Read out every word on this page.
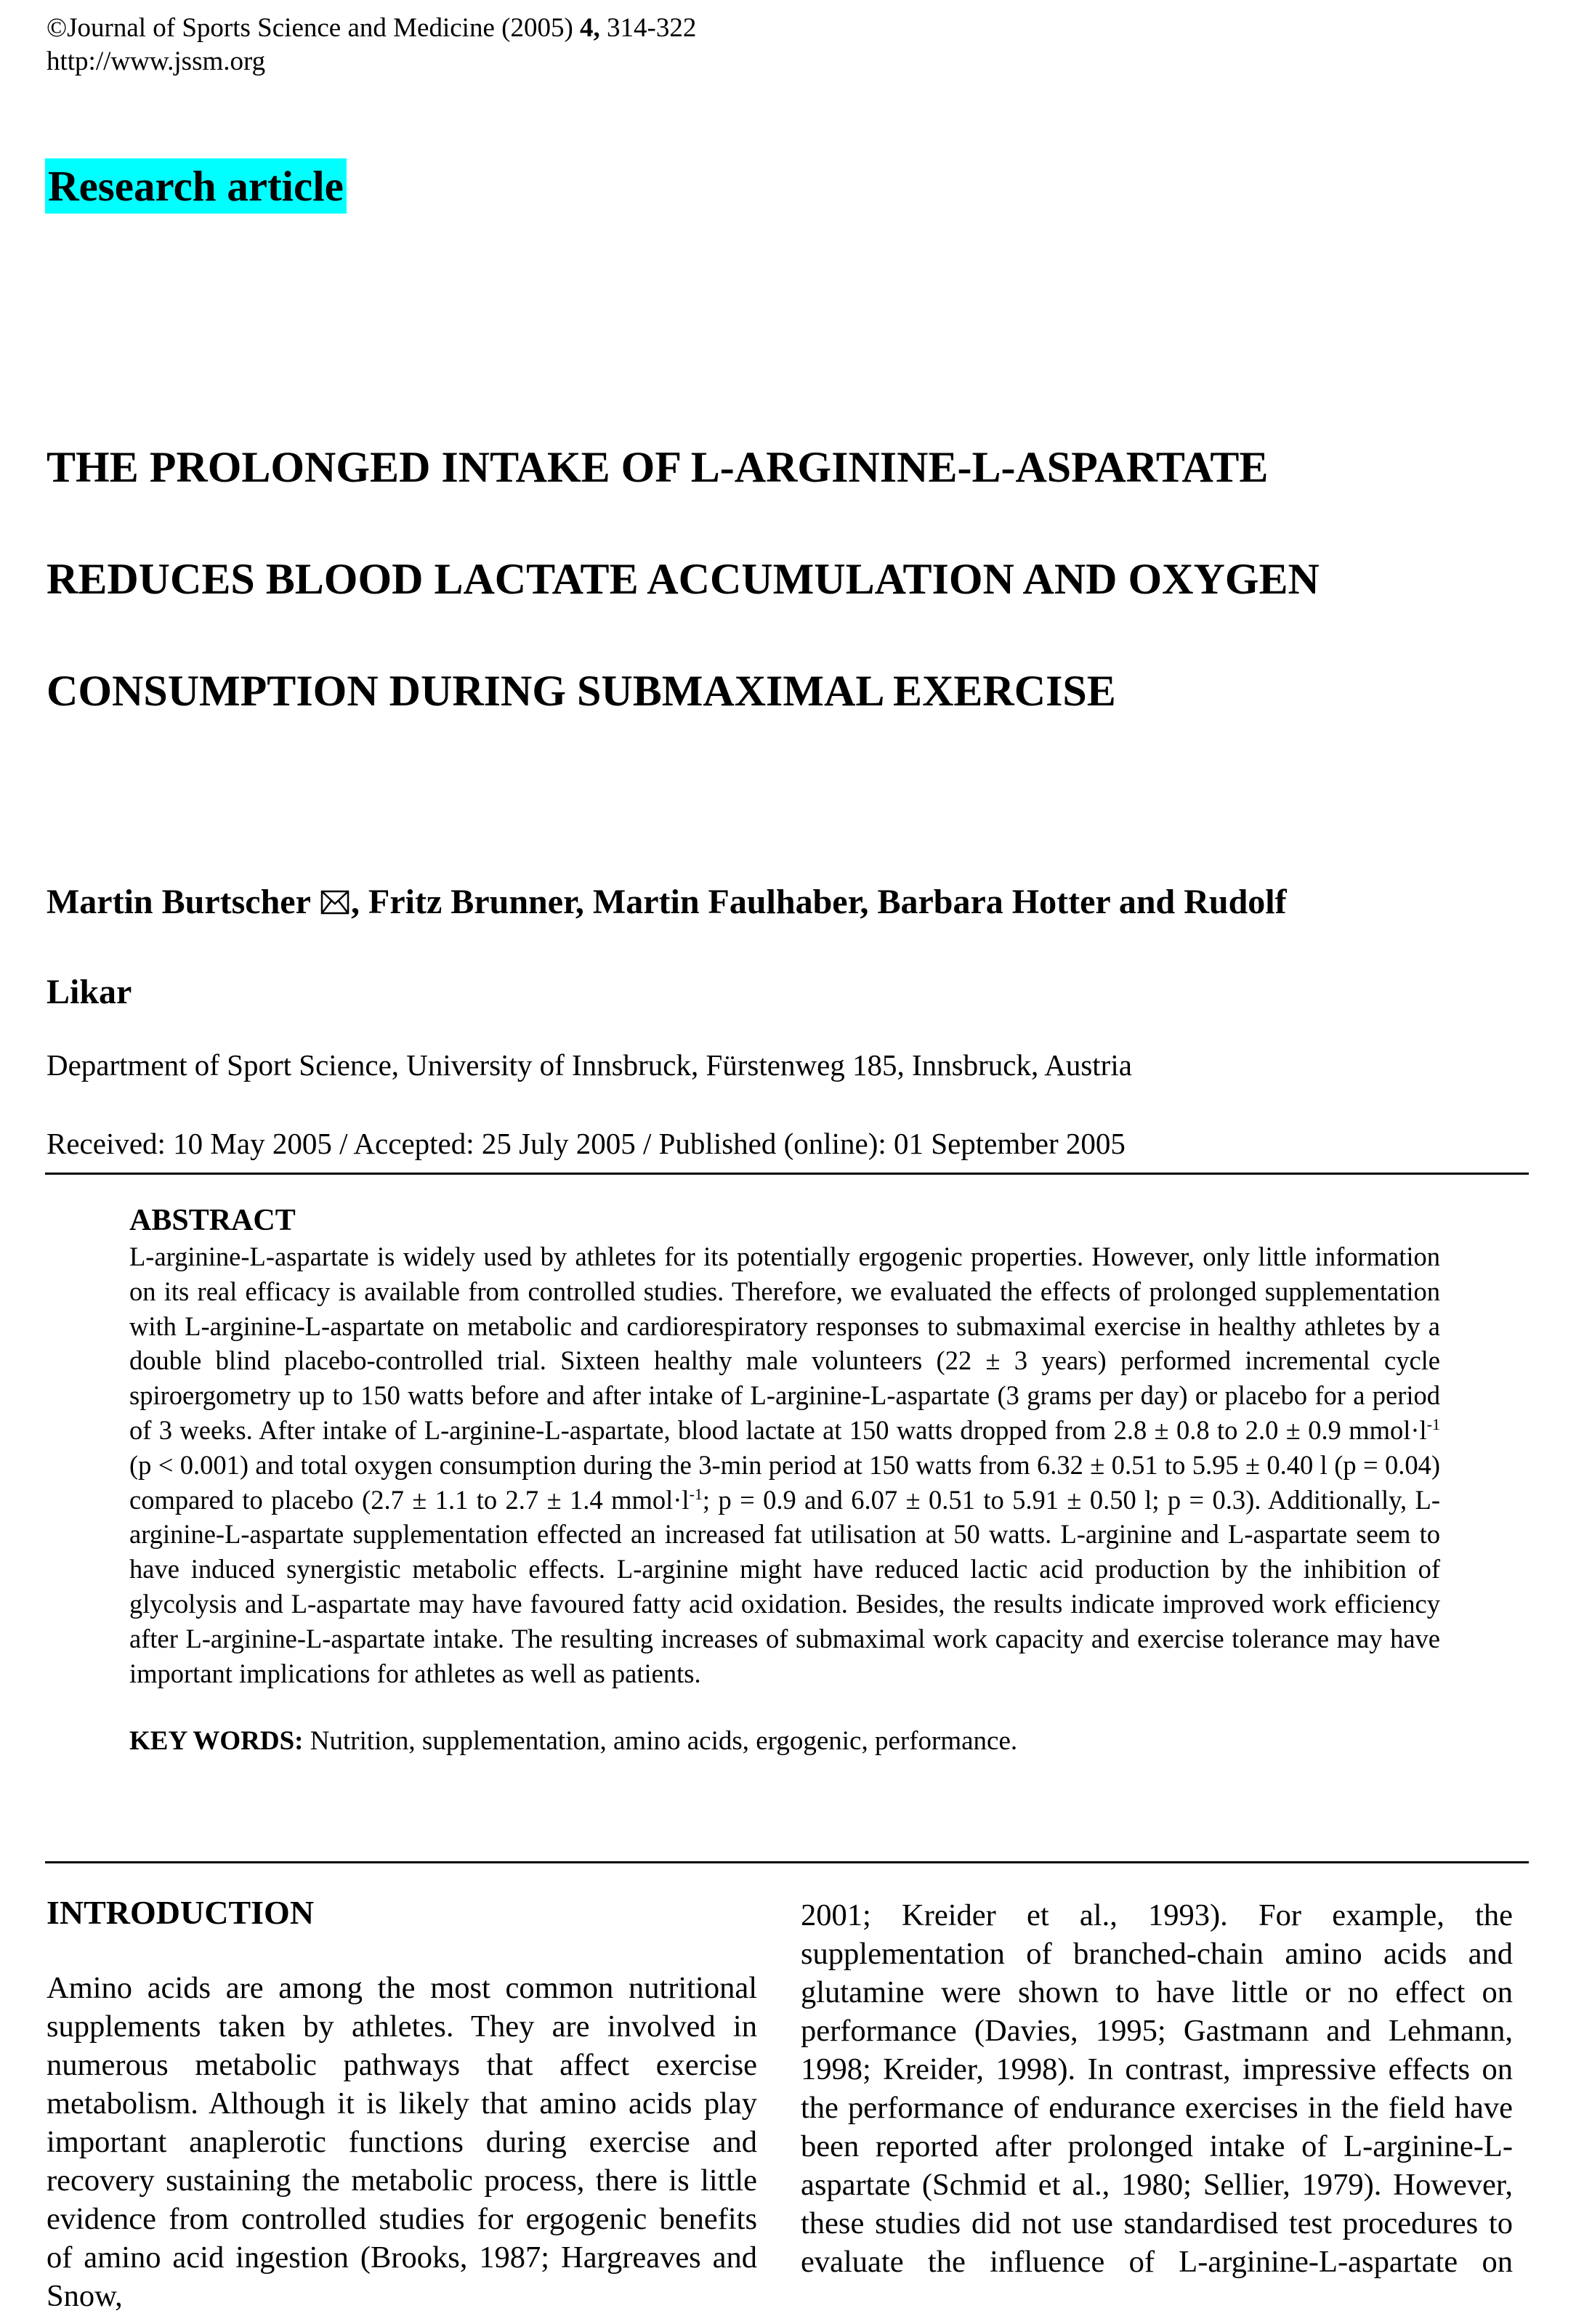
©Journal of Sports Science and Medicine (2005) 4, 314-322
http://www.jssm.org
Research article
THE PROLONGED INTAKE OF L-ARGININE-L-ASPARTATE
REDUCES BLOOD LACTATE ACCUMULATION AND OXYGEN
CONSUMPTION DURING SUBMAXIMAL EXERCISE
Martin Burtscher , Fritz Brunner, Martin Faulhaber, Barbara Hotter and Rudolf
Likar
Department of Sport Science, University of Innsbruck, Fürstenweg 185, Innsbruck, Austria
Received: 10 May 2005 / Accepted: 25 July 2005 / Published (online): 01 September 2005
ABSTRACT
L-arginine-L-aspartate is widely used by athletes for its potentially ergogenic properties. However, only little information on its real efficacy is available from controlled studies. Therefore, we evaluated the effects of prolonged supplementation with L-arginine-L-aspartate on metabolic and cardiorespiratory responses to submaximal exercise in healthy athletes by a double blind placebo-controlled trial. Sixteen healthy male volunteers (22 ± 3 years) performed incremental cycle spiroergometry up to 150 watts before and after intake of L-arginine-L-aspartate (3 grams per day) or placebo for a period of 3 weeks. After intake of L-arginine-L-aspartate, blood lactate at 150 watts dropped from 2.8 ± 0.8 to 2.0 ± 0.9 $mmol\cdot l^{-1}$ (p < 0.001) and total oxygen consumption during the 3-min period at 150 watts from 6.32 ± 0.51 to 5.95 ± 0.40 l (p = 0.04) compared to placebo (2.7 ± 1.1 to 2.7 ± 1.4 $mmol\cdot l^{-1}$; p = 0.9 and 6.07 ± 0.51 to 5.91 ± 0.50 l; p = 0.3). Additionally, L-arginine-L-aspartate supplementation effected an increased fat utilisation at 50 watts. L-arginine and L-aspartate seem to have induced synergistic metabolic effects. L-arginine might have reduced lactic acid production by the inhibition of glycolysis and L-aspartate may have favoured fatty acid oxidation. Besides, the results indicate improved work efficiency after L-arginine-L-aspartate intake. The resulting increases of submaximal work capacity and exercise tolerance may have important implications for athletes as well as patients.
KEY WORDS: Nutrition, supplementation, amino acids, ergogenic, performance.
INTRODUCTION
Amino acids are among the most common nutritional supplements taken by athletes. They are involved in numerous metabolic pathways that affect exercise metabolism. Although it is likely that amino acids play important anaplerotic functions during exercise and recovery sustaining the metabolic process, there is little evidence from controlled studies for ergogenic benefits of amino acid ingestion (Brooks, 1987; Hargreaves and Snow,
2001; Kreider et al., 1993). For example, the supplementation of branched-chain amino acids and glutamine were shown to have little or no effect on performance (Davies, 1995; Gastmann and Lehmann, 1998; Kreider, 1998). In contrast, impressive effects on the performance of endurance exercises in the field have been reported after prolonged intake of L-arginine-L-aspartate (Schmid et al., 1980; Sellier, 1979). However, these studies did not use standardised test procedures to evaluate the influence of L-arginine-L-aspartate on
